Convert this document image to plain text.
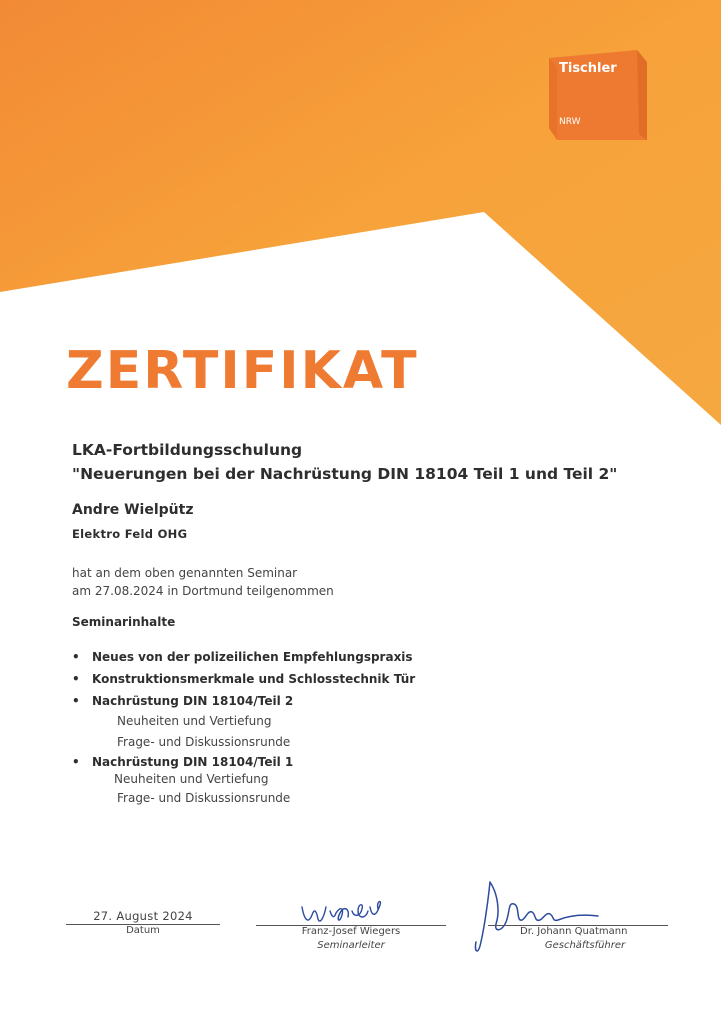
Tischler
NRW
ZERTIFIKAT
LKA-Fortbildungsschulung
"Neuerungen bei der Nachrüstung DIN 18104 Teil 1 und Teil 2"
Andre Wielpütz
Elektro Feld OHG
hat an dem oben genannten Seminar
am 27.08.2024 in Dortmund teilgenommen
Seminarinhalte
•	Neues von der polizeilichen Empfehlungspraxis
•	Konstruktionsmerkmale und Schlosstechnik Tür
•	Nachrüstung DIN 18104/Teil 2
Neuheiten und Vertiefung
Frage- und Diskussionsrunde
•	Nachrüstung DIN 18104/Teil 1
Neuheiten und Vertiefung
Frage- und Diskussionsrunde
27. August 2024
Datum	Franz-Josef Wiegers
Seminarleiter
Dr. Johann Quatmann
Geschäftsführer
